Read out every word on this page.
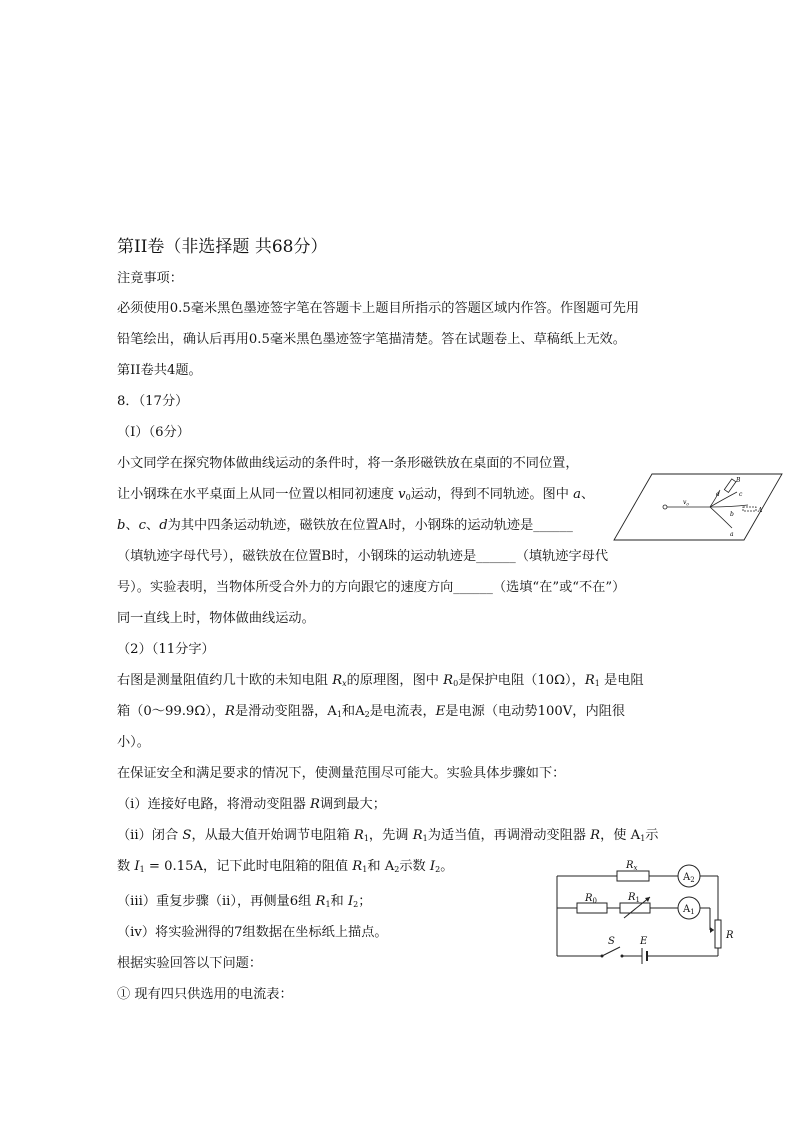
第II卷（非选择题 共68分）
注竟事项：
必须使用0.5毫米黑色墨迹签字笔在答题卡上题目所指示的答题区域内作答。作图题可先用
铅笔绘出，确认后再用0.5毫米黑色墨迹签字笔描清楚。答在试题卷上、草稿纸上无效。
第II卷共4题。
8．（17分）
（I）（6分）
小文同学在探究物体做曲线运动的条件时，将一条形磁铁放在桌面的不同位置，
让小钢珠在水平桌面上从同一位置以相同初速度 $v_0$运动，得到不同轨迹。图中 a、
b、c、d为其中四条运动轨迹，磁铁放在位置A时，小钢珠的运动轨迹是______
（填轨迹字母代号），磁铁放在位置B时，小钢珠的运动轨迹是______（填轨迹字母代
号）。实验表明，当物体所受合外力的方向跟它的速度方向______（选填“在”或“不在”）
同一直线上时，物体做曲线运动。
（2）（11分字）
右图是测量阻值约几十欧的未知电阻 $R_x$的原理图，图中 $R_0$是保护电阻（10Ω），$R_1$ 是电阻
箱（0～99.9Ω），R是滑动变阻器，$A_1$和$A_2$是电流表，E是电源（电动势100V，内阻很
小）。
在保证安全和满足要求的情况下，使测量范围尽可能大。实验具体步骤如下：
（i）连接好电路，将滑动变阻器 R调到最大；
（ii）闭合 S，从最大值开始调节电阻箱 $R_1$，先调 $R_1$为适当值，再调滑动变阻器 R，使 $A_1$示
数 $I_1 = 0.15A$，记下此时电阻箱的阻值 $R_1$和 $A_2$示数 $I_2$。
（iii）重复步骤（ii），再侧量6组 $R_1$和 $I_2$；
（iv）将实验洲得的7组数据在坐标纸上描点。
根据实验回答以下问题：
① 现有四只供选用的电流表：
$v_0$
B
A
d	c
b
a
$R_x$
$A_2$
$R_0$	$R_1$
$A_1$
R
S	E
